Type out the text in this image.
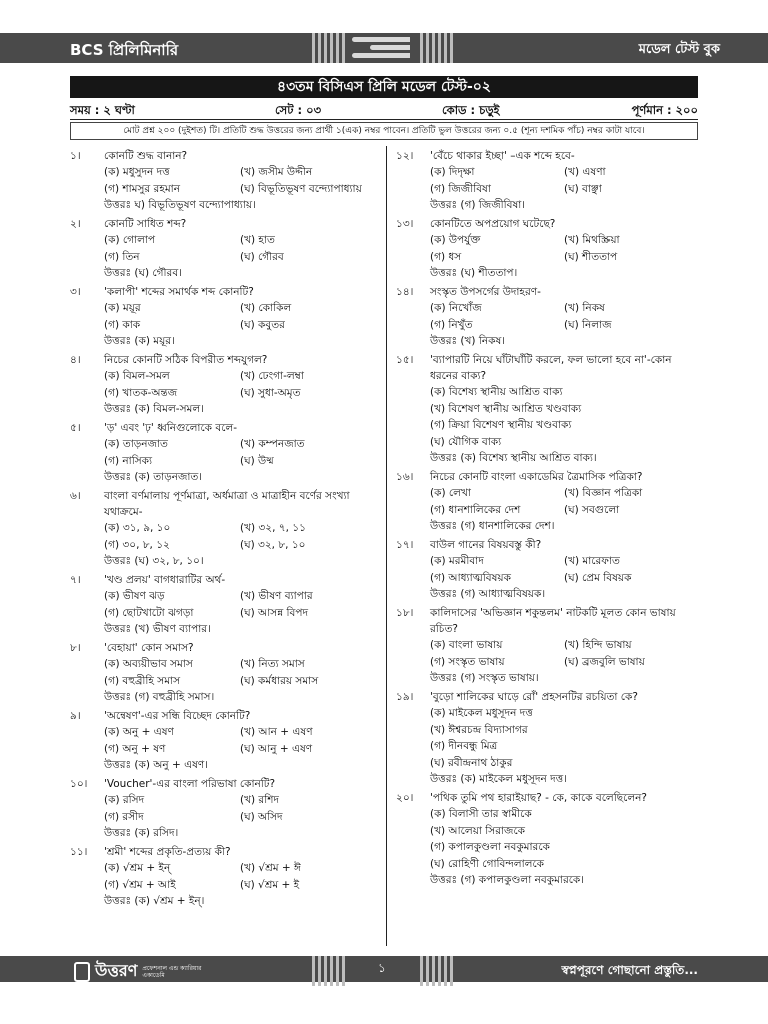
BCS প্রিলিমিনারি	মডেল টেস্ট বুক
৪৩তম বিসিএস প্রিলি মডেল টেস্ট-০২
সময় : ২ ঘণ্টা	সেট : ০৩	কোড : চড়ুই	পূর্ণমান : ২০০
মোট প্রশ্ন ২০০ (দুইশত) টি। প্রতিটি শুদ্ধ উত্তরের জন্য প্রার্থী ১(এক) নম্বর পাবেন। প্রতিটি ভুল উত্তরের জন্য ০.৫ (শূন্য দশমিক পাঁচ) নম্বর কাটা যাবে।
১।	কোনটি শুদ্ধ বানান?
(ক) মধুসুদন দত্ত	(খ) জসীম উদ্দীন
(গ) শামসুর রহমান	(ঘ) বিভূতিভূষণ বন্দ্যোপাধ্যায়
উত্তরঃ ঘ) বিভূতিভূষণ বন্দ্যোপাধ্যায়।
২।	কোনটি সাধিত শব্দ?
(ক) গোলাপ	(খ) হাত
(গ) তিন	(ঘ) গৌরব
উত্তরঃ (ঘ) গৌরব।
৩।	'কলাপী' শব্দের সমার্থক শব্দ কোনটি?
(ক) ময়ূর	(খ) কোকিল
(গ) কাক	(ঘ) কবুতর
উত্তরঃ (ক) ময়ূর।
৪।	নিচের কোনটি সঠিক বিপরীত শব্দযুগল?
(ক) বিমল-সমল	(খ) ঢেংগা-লম্বা
(গ) খাতক-অন্তজ	(ঘ) সুধা-অমৃত
উত্তরঃ (ক) বিমল-সমল।
৫।	'ড়' এবং 'ঢ়' ধ্বনিগুলোকে বলে-
(ক) তাড়নজাত	(খ) কম্পনজাত
(গ) নাসিক্য	(ঘ) উষ্ম
উত্তরঃ (ক) তাড়নজাত।
৬।	বাংলা বর্ণমালায় পূর্ণমাত্রা, অর্ধমাত্রা ও মাত্রাহীন বর্ণের সংখ্যা যথাক্রমে-
(ক) ৩১, ৯, ১০	(খ) ৩২, ৭, ১১
(গ) ৩০, ৮, ১২	(ঘ) ৩২, ৮, ১০
উত্তরঃ (ঘ) ৩২, ৮, ১০।
৭।	'খণ্ড প্রলয়' বাগধারাটির অর্থ-
(ক) ভীষণ ঝড়	(খ) ভীষণ ব্যাপার
(গ) ছোটখাটো ঝগড়া	(ঘ) আসন্ন বিপদ
উত্তরঃ (খ) ভীষণ ব্যাপার।
৮।	'বেহায়া' কোন সমাস?
(ক) অব্যয়ীভাব সমাস	(খ) নিত্য সমাস
(গ) বহুব্রীহি সমাস	(ঘ) কর্মধারয় সমাস
উত্তরঃ (গ) বহুব্রীহি সমাস।
৯।	'অন্বেষণ'-এর সন্ধি বিচ্ছেদ কোনটি?
(ক) অনু + এষণ	(খ) আন + এষণ
(গ) অনু + ষণ	(ঘ) আনু + এষণ
উত্তরঃ (ক) অনু + এষণ।
১০।	'Voucher'-এর বাংলা পরিভাষা কোনটি?
(ক) রসিদ	(খ) রশিদ
(গ) রসীদ	(ঘ) অসিদ
উত্তরঃ (ক) রসিদ।
১১।	'শ্রমী' শব্দের প্রকৃতি-প্রত্যয় কী?
(ক) √শ্রম + ইন্	(খ) √শ্রম + ঈ
(গ) √শ্রম + আই	(ঘ) √শ্রম + ই
উত্তরঃ (ক) √শ্রম + ইন্।
১২।	'বেঁচে থাকার ইচ্ছা' –এক শব্দে হবে-
(ক) দিদৃক্ষা	(খ) এষণা
(গ) জিজীবিষা	(ঘ) বাঞ্ছা
উত্তরঃ (গ) জিজীবিষা।
১৩।	কোনটিতে অপপ্রয়োগ ঘটেছে?
(ক) উপর্যুক্ত	(খ) মিথস্ক্রিয়া
(গ) ধস	(ঘ) শীততাপ
উত্তরঃ (ঘ) শীততাপ।
১৪।	সংস্কৃত উপসর্গের উদাহরণ-
(ক) নিখোঁজ	(খ) নিকষ
(গ) নিখুঁত	(ঘ) নিলাজ
উত্তরঃ (খ) নিকষ।
১৫।	'ব্যাপারটি নিয়ে ঘাঁটাঘাঁটি করলে, ফল ভালো হবে না'-কোন ধরনের বাক্য?
(ক) বিশেষ্য স্থানীয় আশ্রিত বাক্য
(খ) বিশেষণ স্থানীয় আশ্রিত খণ্ডবাক্য
(গ) ক্রিয়া বিশেষণ স্থানীয় খণ্ডবাক্য
(ঘ) যৌগিক বাক্য
উত্তরঃ (ক) বিশেষ্য স্থানীয় আশ্রিত বাক্য।
১৬।	নিচের কোনটি বাংলা একাডেমির ত্রৈমাসিক পত্রিকা?
(ক) লেখা	(খ) বিজ্ঞান পত্রিকা
(গ) ধানশালিকের দেশ	(ঘ) সবগুলো
উত্তরঃ (গ) ধানশালিকের দেশ।
১৭।	বাউল গানের বিষয়বস্তু কী?
(ক) মরমীবাদ	(খ) মারেফাত
(গ) আধ্যাত্মবিষয়ক	(ঘ) প্রেম বিষয়ক
উত্তরঃ (গ) আধ্যাত্মবিষয়ক।
১৮।	কালিদাসের 'অভিজ্ঞান শকুন্তলম' নাটকটি মূলত কোন ভাষায় রচিত?
(ক) বাংলা ভাষায়	(খ) হিন্দি ভাষায়
(গ) সংস্কৃত ভাষায়	(ঘ) ব্রজবুলি ভাষায়
উত্তরঃ (গ) সংস্কৃত ভাষায়।
১৯।	'বুড়ো শালিকের ঘাড়ে রোঁ' প্রহসনটির রচয়িতা কে?
(ক) মাইকেল মধুসূদন দত্ত
(খ) ঈশ্বরচন্দ্র বিদ্যাসাগর
(গ) দীনবন্ধু মিত্র
(ঘ) রবীন্দ্রনাথ ঠাকুর
উত্তরঃ (ক) মাইকেল মধুসূদন দত্ত।
২০।	'পথিক তুমি পথ হারাইয়াছ? - কে, কাকে বলেছিলেন?
(ক) বিলাসী তার স্বামীকে
(খ) আলেয়া সিরাজকে
(গ) কপালকুণ্ডলা নবকুমারকে
(ঘ) রোহিণী গোবিন্দলালকে
উত্তরঃ (গ) কপালকুণ্ডলা নবকুমারকে।
উত্তরণ প্রফেশনাল এন্ড ক্যারিয়ার একাডেমি	১	স্বপ্নপূরণে গোছানো প্রস্তুতি...
